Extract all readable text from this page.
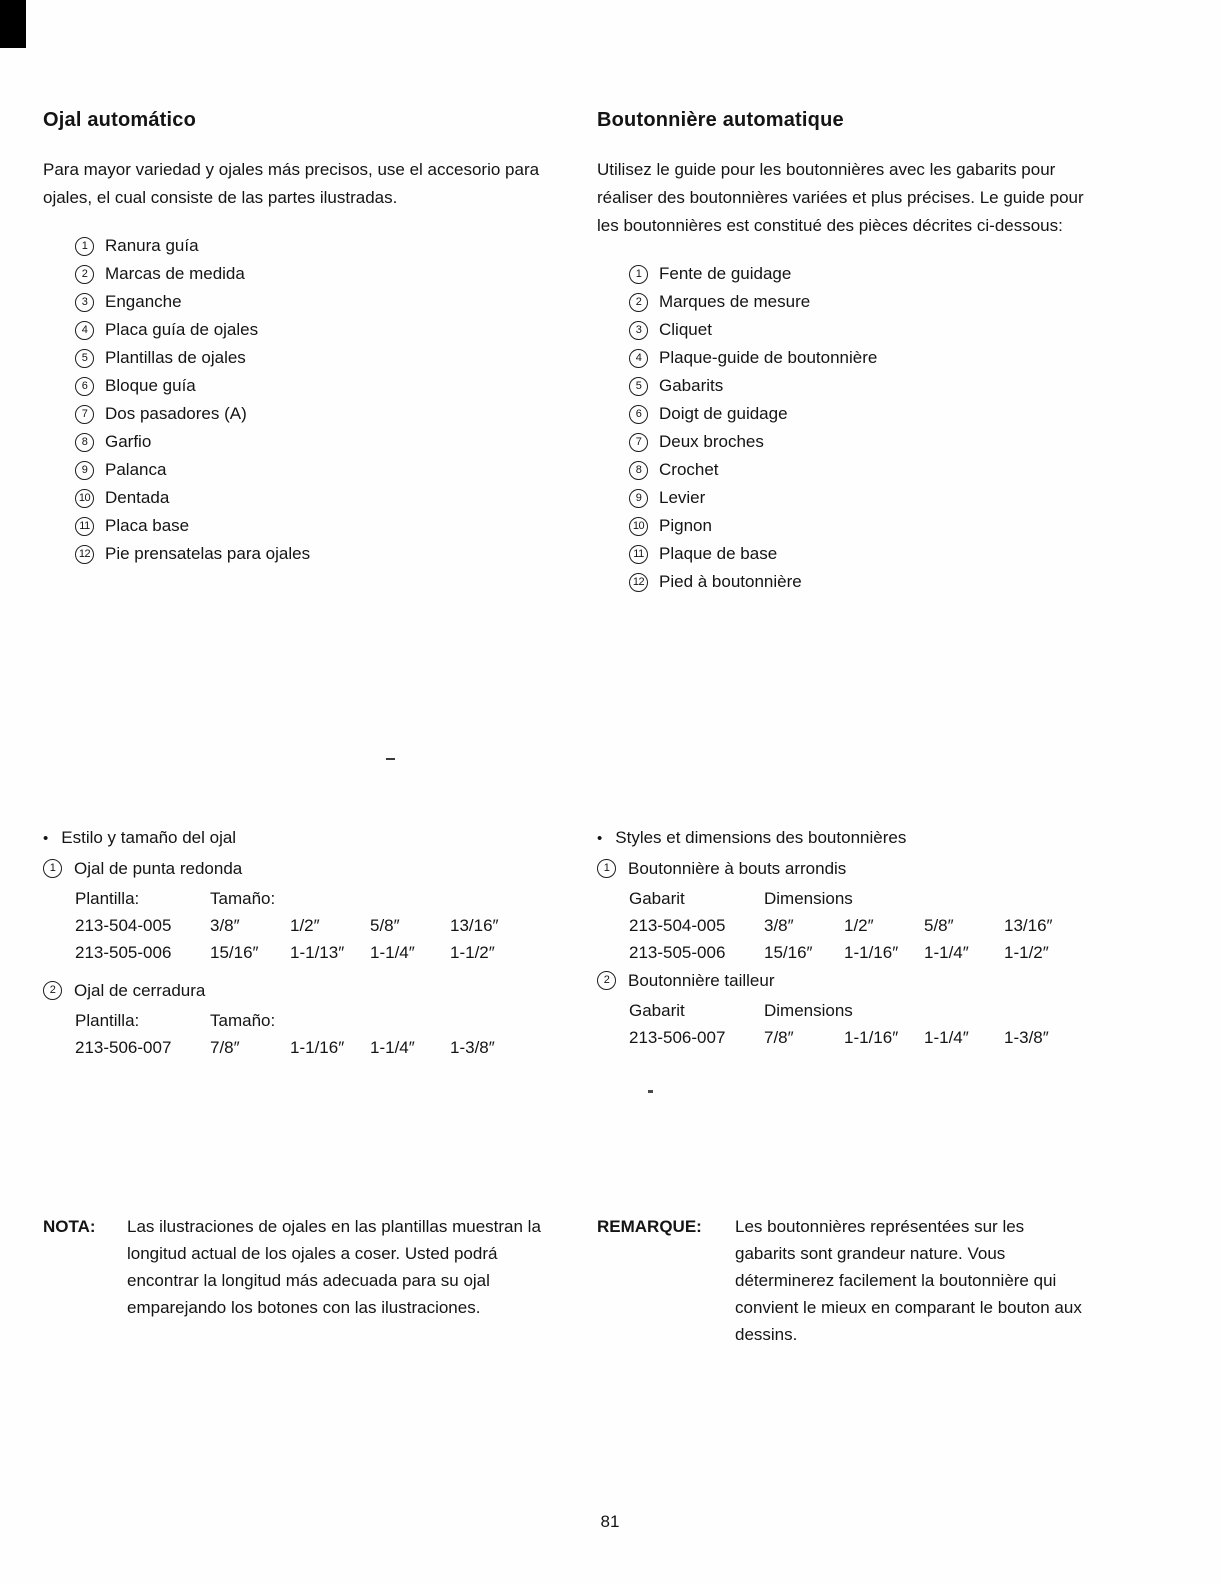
Ojal automático

Para mayor variedad y ojales más precisos, use el accesorio para ojales, el cual consiste de las partes ilustradas.

1	Ranura guía
2	Marcas de medida
3	Enganche
4	Placa guía de ojales
5	Plantillas de ojales
6	Bloque guía
7	Dos pasadores (A)
8	Garfio
9	Palanca
10 Dentada
11 Placa base
12 Pie prensatelas para ojales
Boutonnière automatique

Utilisez le guide pour les boutonnières avec les gabarits pour réaliser des boutonnières variées et plus précises. Le guide pour les boutonnières est constitué des pièces décrites ci-dessous:

1	Fente de guidage
2	Marques de mesure
3	Cliquet
4	Plaque-guide de boutonnière
5	Gabarits
6	Doigt de guidage
7	Deux broches
8	Crochet
9	Levier
10 Pignon
11 Plaque de base
12 Pied à boutonnière
• Estilo y tamaño del ojal
1	Ojal de punta redonda
Plantilla:	Tamaño:
213-504-005	3/8″	1/2″	5/8″	13/16″
213-505-006	15/16″	1-1/13″	1-1/4″	1-1/2″
2	Ojal de cerradura
Plantilla:	Tamaño:
213-506-007	7/8″	1-1/16″	1-1/4″	1-3/8″
• Styles et dimensions des boutonnières
1	Boutonnière à bouts arrondis
Gabarit	Dimensions
213-504-005	3/8″	1/2″	5/8″	13/16″
213-505-006	15/16″	1-1/16″	1-1/4″	1-1/2″
2	Boutonnière tailleur
Gabarit	Dimensions
213-506-007	7/8″	1-1/16″	1-1/4″	1-3/8″
NOTA:	Las ilustraciones de ojales en las plantillas muestran la longitud actual de los ojales a coser. Usted podrá encontrar la longitud más adecuada para su ojal emparejando los botones con las ilustraciones.
REMARQUE:	Les boutonnières représentées sur les gabarits sont grandeur nature. Vous déterminerez facilement la boutonnière qui convient le mieux en comparant le bouton aux dessins.
81
